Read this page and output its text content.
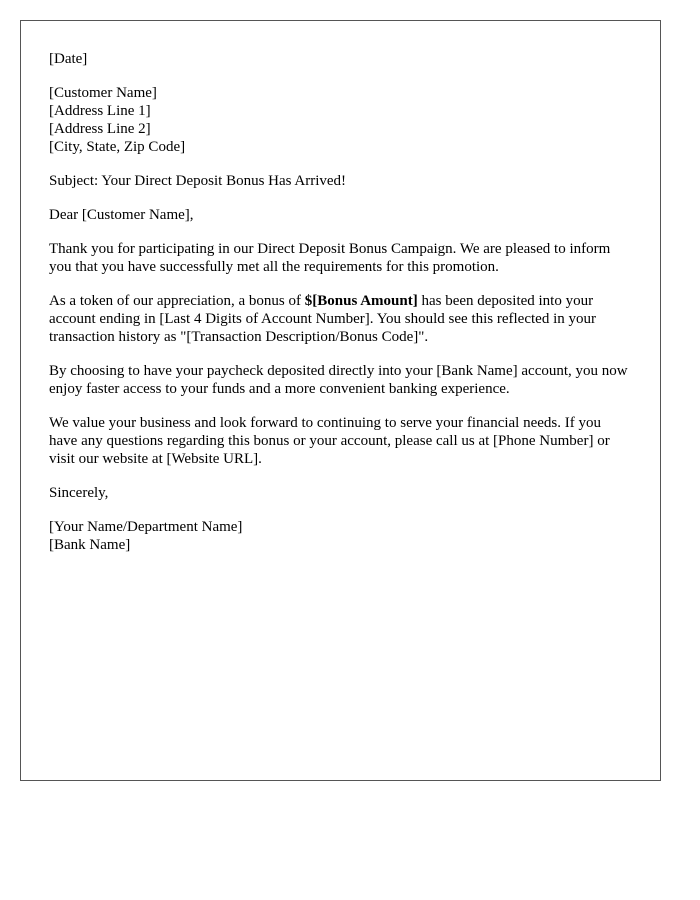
[Date]

[Customer Name]
[Address Line 1]
[Address Line 2]
[City, State, Zip Code]

Subject: Your Direct Deposit Bonus Has Arrived!

Dear [Customer Name],

Thank you for participating in our Direct Deposit Bonus Campaign. We are pleased to inform you that you have successfully met all the requirements for this promotion.

As a token of our appreciation, a bonus of $[Bonus Amount] has been deposited into your account ending in [Last 4 Digits of Account Number]. You should see this reflected in your transaction history as "[Transaction Description/Bonus Code]".

By choosing to have your paycheck deposited directly into your [Bank Name] account, you now enjoy faster access to your funds and a more convenient banking experience.

We value your business and look forward to continuing to serve your financial needs. If you have any questions regarding this bonus or your account, please call us at [Phone Number] or visit our website at [Website URL].

Sincerely,

[Your Name/Department Name]
[Bank Name]
